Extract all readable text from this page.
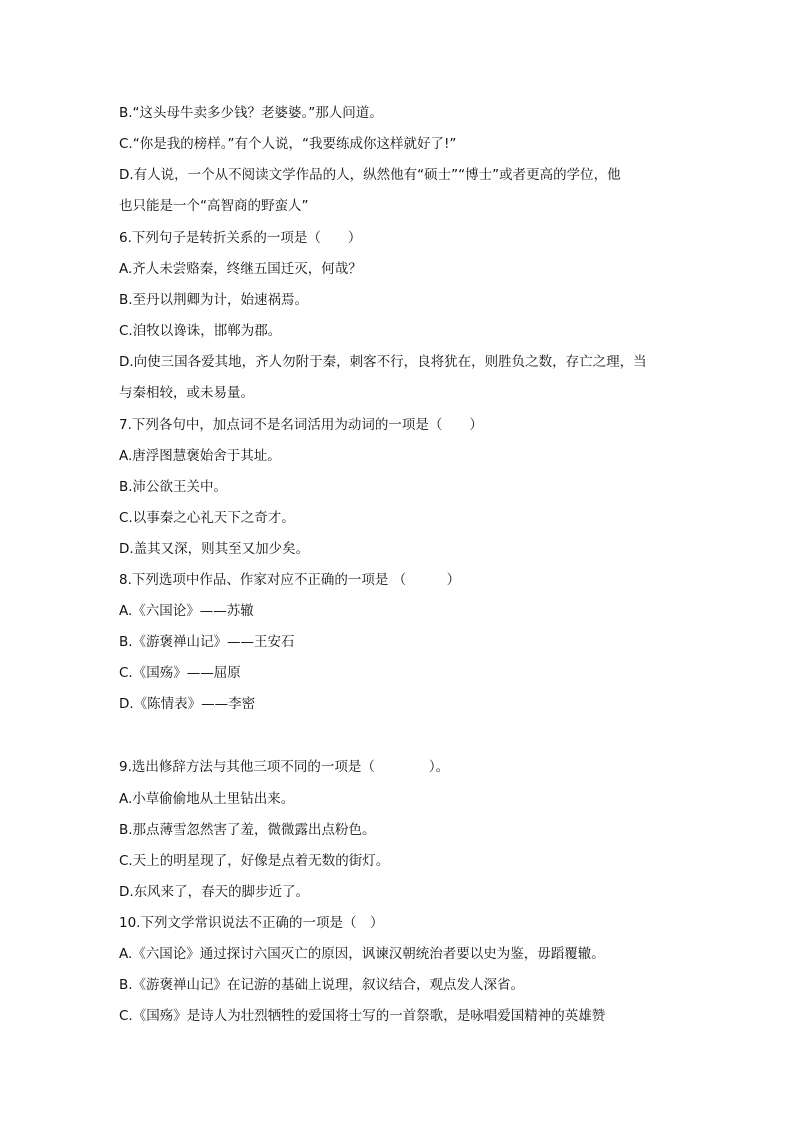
B.“这头母牛卖多少钱？老婆婆。”那人问道。
C.“你是我的榜样。”有个人说，“我要练成你这样就好了!”
D.有人说，一个从不阅读文学作品的人，纵然他有“硕士”“博士”或者更高的学位，他
也只能是一个“高智商的野蛮人”
6.下列句子是转折关系的一项是（　　）
A.齐人未尝赂秦，终继五国迁灭，何哉？
B.至丹以荆卿为计，始速祸焉。
C.洎牧以谗诛，邯郸为郡。
D.向使三国各爱其地，齐人勿附于秦，刺客不行，良将犹在，则胜负之数，存亡之理，当
与秦相较，或未易量。
7.下列各句中，加点词不是名词活用为动词的一项是（　　）
A.唐浮图慧褒始舍于其址。
B.沛公欲王关中。
C.以事秦之心礼天下之奇才。
D.盖其又深，则其至又加少矣。
8.下列选项中作品、作家对应不正确的一项是 （　　　）
A.《六国论》——苏辙
B.《游褒禅山记》——王安石
C.《国殇》——屈原
D.《陈情表》——李密
9.选出修辞方法与其他三项不同的一项是（　　　　）。
A.小草偷偷地从土里钻出来。
B.那点薄雪忽然害了羞，微微露出点粉色。
C.天上的明星现了，好像是点着无数的街灯。
D.东风来了，春天的脚步近了。
10.下列文学常识说法不正确的一项是（　）
A.《六国论》通过探讨六国灭亡的原因，讽谏汉朝统治者要以史为鉴，毋蹈覆辙。
B.《游褒禅山记》在记游的基础上说理，叙议结合，观点发人深省。
C.《国殇》是诗人为壮烈牺牲的爱国将士写的一首祭歌，是咏唱爱国精神的英雄赞
